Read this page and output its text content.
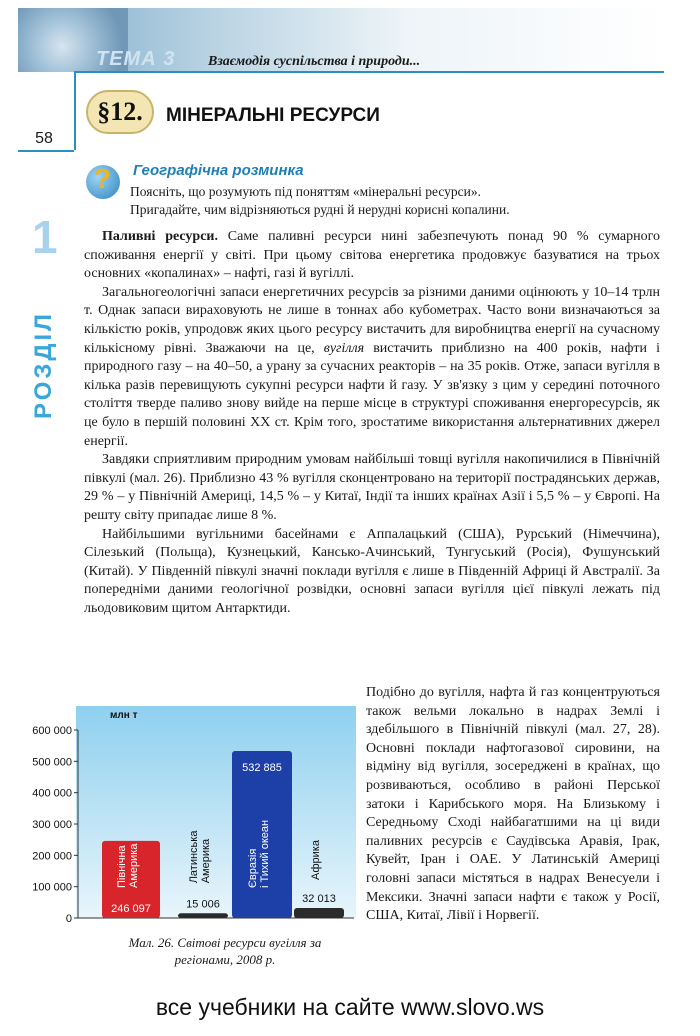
ТЕМА 3 Взаємодія суспільства і природи...
58
1
РОЗДІЛ
§12.	МІНЕРАЛЬНІ РЕСУРСИ
? Географічна розминка
Поясніть, що розумують під поняттям «мінеральні ресурси».
Пригадайте, чим відрізняються рудні й нерудні корисні копалини.

Паливні ресурси. Саме паливні ресурси нині забезпечують понад 90 % сумарного споживання енергії у світі. При цьому світова енергетика продовжує базуватися на трьох основних «копалинах» – нафті, газі й вугіллі.

Загальногеологічні запаси енергетичних ресурсів за різними даними оцінюють у 10–14 трлн т. Однак запаси вираховують не лише в тоннах або кубометрах. Часто вони визначаються за кількістю років, упродовж яких цього ресурсу вистачить для виробництва енергії на сучасному кількісному рівні. Зважаючи на це, вугілля вистачить приблизно на 400 років, нафти і природного газу – на 40–50, а урану за сучасних реакторів – на 35 років. Отже, запаси вугілля в кілька разів перевищують сукупні ресурси нафти й газу. У зв'язку з цим у середині поточного століття тверде паливо знову вийде на перше місце в структурі споживання енергоресурсів, як це було в першій половині XX ст. Крім того, зростатиме використання альтернативних джерел енергії.

Завдяки сприятливим природним умовам найбільші товщі вугілля накопичилися в Північній півкулі (мал. 26). Приблизно 43 % вугілля сконцентровано на території пострадянських держав, 29 % – у Північній Америці, 14,5 % – у Китаї, Індії та інших країнах Азії і 5,5 % – у Європі. На решту світу припадає лише 8 %.

Найбільшими вугільними басейнами є Аппалацький (США), Рурський (Німеччина), Сілезький (Польща), Кузнецький, Кансько-Ачинський, Тунгуський (Росія), Фушунський (Китай). У Південній півкулі значні поклади вугілля є лише в Південній Африці й Австралії. За попередніми даними геологічної розвідки, основні запаси вугілля цієї півкулі лежать під льодовиковим щитом Антарктиди.

Подібно до вугілля, нафта й газ концентруються також вельми локально в надрах Землі і здебільшого в Північній півкулі (мал. 27, 28). Основні поклади нафтогазової сировини, на відміну від вугілля, зосереджені в країнах, що розвиваються, особливо в районі Перської затоки і Карибського моря. На Близькому і Середньому Сході найбагатшими на ці види паливних ресурсів є Саудівська Аравія, Ірак, Кувейт, Іран і ОАЕ. У Латинській Америці головні запаси містяться в надрах Венесуели і Мексики. Значні запаси нафти є також у Росії, США, Китаї, Лівії і Норвегії.

млн т
0
100 000
200 000
300 000
400 000
500 000
600 000
246 097
Північна Америка
15 006
Латинська Америка
532 885
Євразія і Тихий океан
32 013
Африка
Мал. 26. Світові ресурси вугілля за
регіонами, 2008 р.
все учебники на сайте www.slovo.ws
